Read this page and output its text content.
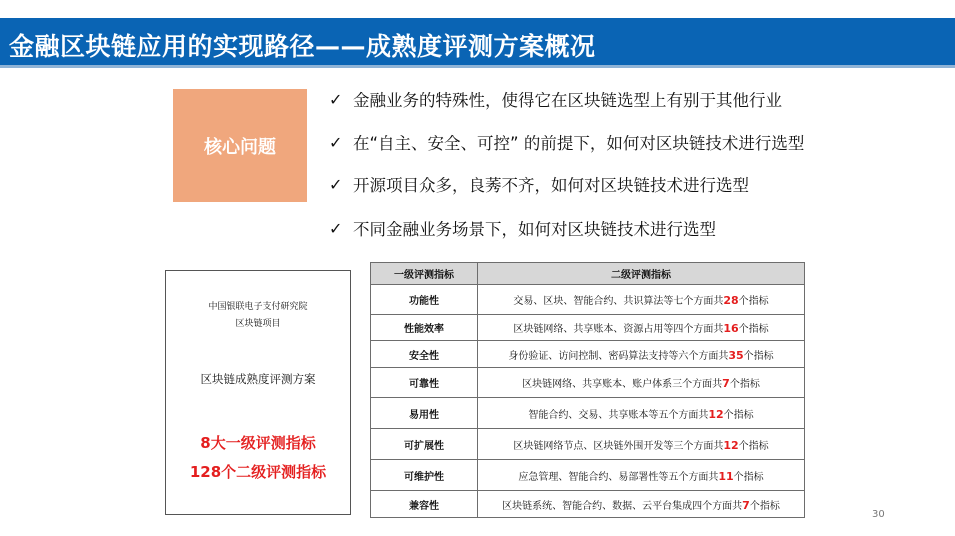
金融区块链应用的实现路径——成熟度评测方案概况
核心问题
✓ 金融业务的特殊性，使得它在区块链选型上有别于其他行业
✓ 在“自主、安全、可控” 的前提下，如何对区块链技术进行选型
✓ 开源项目众多，良莠不齐，如何对区块链技术进行选型
✓ 不同金融业务场景下，如何对区块链技术进行选型
中国银联电子支付研究院
区块链项目
区块链成熟度评测方案
8大一级评测指标
128个二级评测指标
一级评测指标	二级评测指标
功能性	交易、区块、智能合约、共识算法等七个方面共28个指标
性能效率	区块链网络、共享账本、资源占用等四个方面共16个指标
安全性	身份验证、访问控制、密码算法支持等六个方面共35个指标
可靠性	区块链网络、共享账本、账户体系三个方面共7个指标
易用性	智能合约、交易、共享账本等五个方面共12个指标
可扩展性	区块链网络节点、区块链外围开发等三个方面共12个指标
可维护性	应急管理、智能合约、易部署性等五个方面共11个指标
兼容性	区块链系统、智能合约、数据、云平台集成四个方面共7个指标
30
